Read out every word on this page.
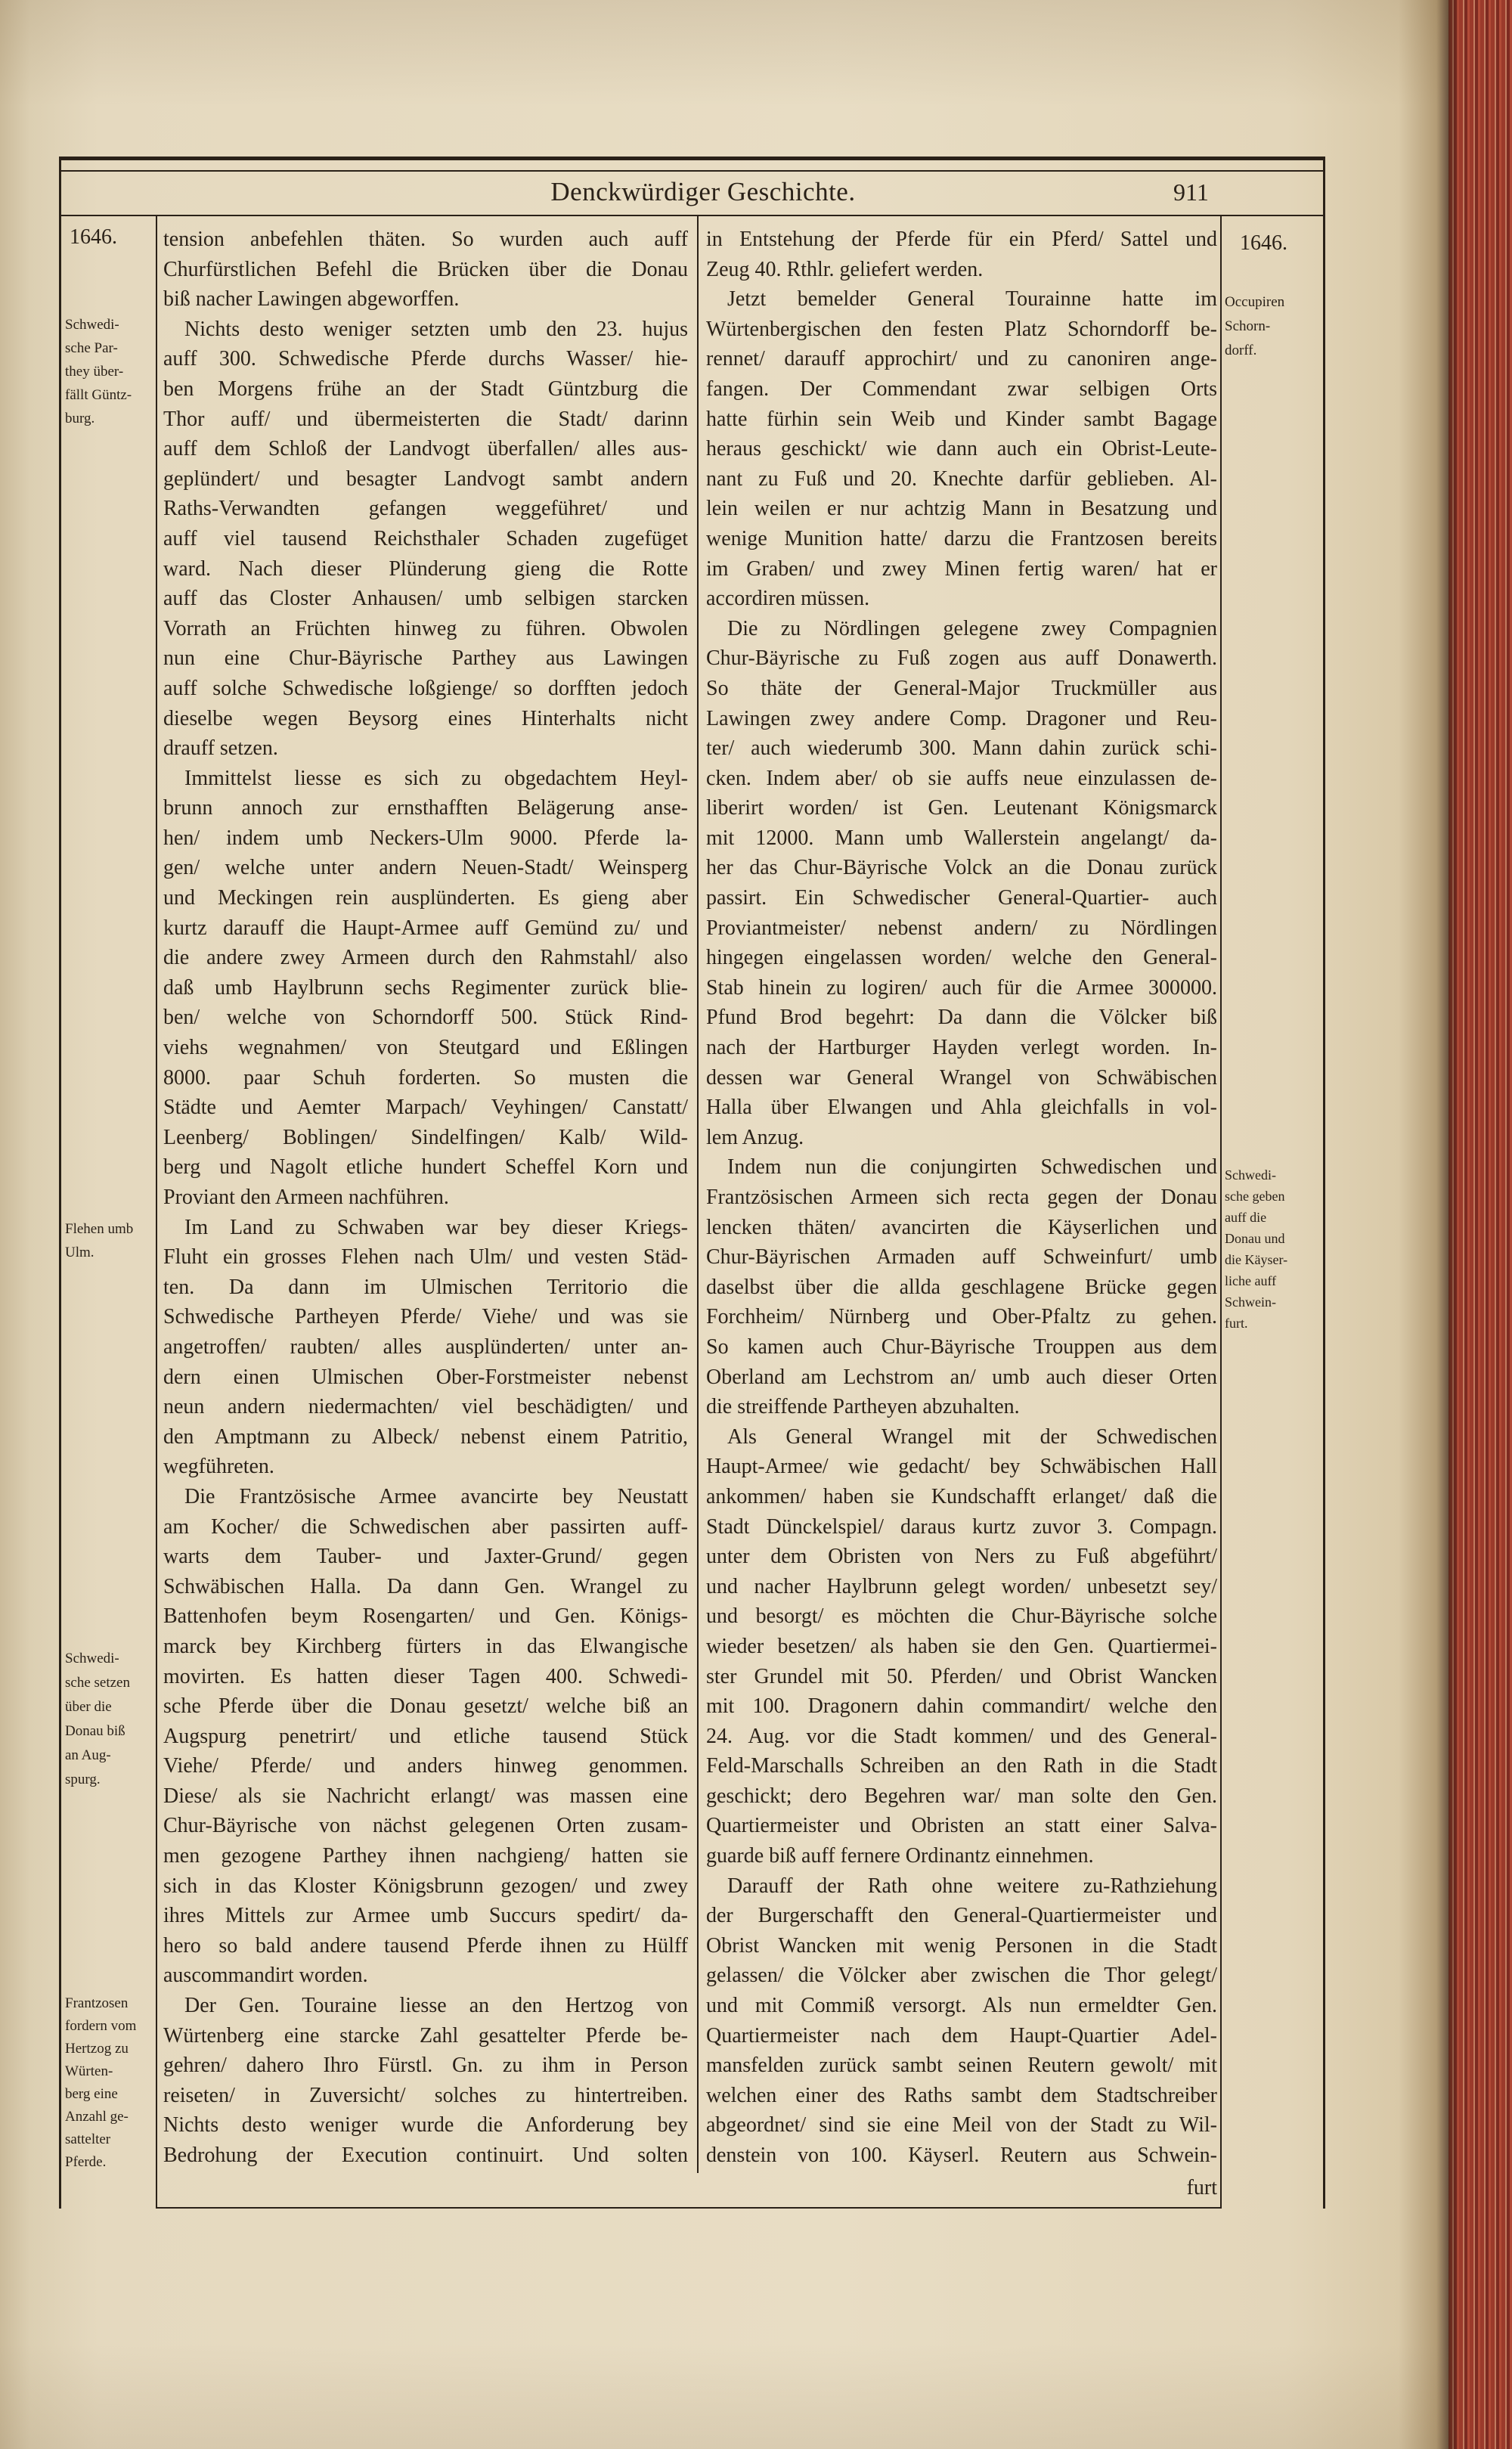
Denckwürdiger Geschichte.	911
1646.	1646.
Schwedi-
sche Par-
they über-
fällt Güntz-
burg.
Flehen umb
Ulm.
Schwedi-
sche setzen
über die
Donau biß
an Aug-
spurg.
Frantzosen
fordern vom
Hertzog zu
Würten-
berg eine
Anzahl ge-
sattelter
Pferde.
Occupiren
Schorn-
dorff.
Schwedi-
sche geben
auff die
Donau und
die Käyser-
liche auff
Schwein-
furt.
tension anbefehlen thäten. So wurden auch auff
Churfürstlichen Befehl die Brücken über die Donau
biß nacher Lawingen abgeworffen.
Nichts desto weniger setzten umb den 23. hujus
auff 300. Schwedische Pferde durchs Wasser/ hie-
ben Morgens frühe an der Stadt Güntzburg die
Thor auff/ und übermeisterten die Stadt/ darinn
auff dem Schloß der Landvogt überfallen/ alles aus-
geplündert/ und besagter Landvogt sambt andern
Raths-Verwandten gefangen weggeführet/ und
auff viel tausend Reichsthaler Schaden zugefüget
ward. Nach dieser Plünderung gieng die Rotte
auff das Closter Anhausen/ umb selbigen starcken
Vorrath an Früchten hinweg zu führen. Obwolen
nun eine Chur-Bäyrische Parthey aus Lawingen
auff solche Schwedische loßgienge/ so dorfften jedoch
dieselbe wegen Beysorg eines Hinterhalts nicht
drauff setzen.
Immittelst liesse es sich zu obgedachtem Heyl-
brunn annoch zur ernsthafften Belägerung anse-
hen/ indem umb Neckers-Ulm 9000. Pferde la-
gen/ welche unter andern Neuen-Stadt/ Weinsperg
und Meckingen rein ausplünderten. Es gieng aber
kurtz darauff die Haupt-Armee auff Gemünd zu/ und
die andere zwey Armeen durch den Rahmstahl/ also
daß umb Haylbrunn sechs Regimenter zurück blie-
ben/ welche von Schorndorff 500. Stück Rind-
viehs wegnahmen/ von Steutgard und Eßlingen
8000. paar Schuh forderten. So musten die
Städte und Aemter Marpach/ Veyhingen/ Canstatt/
Leenberg/ Boblingen/ Sindelfingen/ Kalb/ Wild-
berg und Nagolt etliche hundert Scheffel Korn und
Proviant den Armeen nachführen.
Im Land zu Schwaben war bey dieser Kriegs-
Fluht ein grosses Flehen nach Ulm/ und vesten Städ-
ten. Da dann im Ulmischen Territorio die
Schwedische Partheyen Pferde/ Viehe/ und was sie
angetroffen/ raubten/ alles ausplünderten/ unter an-
dern einen Ulmischen Ober-Forstmeister nebenst
neun andern niedermachten/ viel beschädigten/ und
den Amptmann zu Albeck/ nebenst einem Patritio,
wegführeten.
Die Frantzösische Armee avancirte bey Neustatt
am Kocher/ die Schwedischen aber passirten auff-
warts dem Tauber- und Jaxter-Grund/ gegen
Schwäbischen Halla. Da dann Gen. Wrangel zu
Battenhofen beym Rosengarten/ und Gen. Königs-
marck bey Kirchberg fürters in das Elwangische
movirten. Es hatten dieser Tagen 400. Schwedi-
sche Pferde über die Donau gesetzt/ welche biß an
Augspurg penetrirt/ und etliche tausend Stück
Viehe/ Pferde/ und anders hinweg genommen.
Diese/ als sie Nachricht erlangt/ was massen eine
Chur-Bäyrische von nächst gelegenen Orten zusam-
men gezogene Parthey ihnen nachgieng/ hatten sie
sich in das Kloster Königsbrunn gezogen/ und zwey
ihres Mittels zur Armee umb Succurs spedirt/ da-
hero so bald andere tausend Pferde ihnen zu Hülff
auscommandirt worden.
Der Gen. Touraine liesse an den Hertzog von
Würtenberg eine starcke Zahl gesattelter Pferde be-
gehren/ dahero Ihro Fürstl. Gn. zu ihm in Person
reiseten/ in Zuversicht/ solches zu hintertreiben.
Nichts desto weniger wurde die Anforderung bey
Bedrohung der Execution continuirt. Und solten
in Entstehung der Pferde für ein Pferd/ Sattel und
Zeug 40. Rthlr. geliefert werden.
Jetzt bemelder General Tourainne hatte im
Würtenbergischen den festen Platz Schorndorff be-
rennet/ darauff approchirt/ und zu canoniren ange-
fangen. Der Commendant zwar selbigen Orts
hatte fürhin sein Weib und Kinder sambt Bagage
heraus geschickt/ wie dann auch ein Obrist-Leute-
nant zu Fuß und 20. Knechte darfür geblieben. Al-
lein weilen er nur achtzig Mann in Besatzung und
wenige Munition hatte/ darzu die Frantzosen bereits
im Graben/ und zwey Minen fertig waren/ hat er
accordiren müssen.
Die zu Nördlingen gelegene zwey Compagnien
Chur-Bäyrische zu Fuß zogen aus auff Donawerth.
So thäte der General-Major Truckmüller aus
Lawingen zwey andere Comp. Dragoner und Reu-
ter/ auch wiederumb 300. Mann dahin zurück schi-
cken. Indem aber/ ob sie auffs neue einzulassen de-
liberirt worden/ ist Gen. Leutenant Königsmarck
mit 12000. Mann umb Wallerstein angelangt/ da-
her das Chur-Bäyrische Volck an die Donau zurück
passirt. Ein Schwedischer General-Quartier- auch
Proviantmeister/ nebenst andern/ zu Nördlingen
hingegen eingelassen worden/ welche den General-
Stab hinein zu logiren/ auch für die Armee 300000.
Pfund Brod begehrt: Da dann die Völcker biß
nach der Hartburger Hayden verlegt worden. In-
dessen war General Wrangel von Schwäbischen
Halla über Elwangen und Ahla gleichfalls in vol-
lem Anzug.
Indem nun die conjungirten Schwedischen und
Frantzösischen Armeen sich recta gegen der Donau
lencken thäten/ avancirten die Käyserlichen und
Chur-Bäyrischen Armaden auff Schweinfurt/ umb
daselbst über die allda geschlagene Brücke gegen
Forchheim/ Nürnberg und Ober-Pfaltz zu gehen.
So kamen auch Chur-Bäyrische Trouppen aus dem
Oberland am Lechstrom an/ umb auch dieser Orten
die streiffende Partheyen abzuhalten.
Als General Wrangel mit der Schwedischen
Haupt-Armee/ wie gedacht/ bey Schwäbischen Hall
ankommen/ haben sie Kundschafft erlanget/ daß die
Stadt Dünckelspiel/ daraus kurtz zuvor 3. Compagn.
unter dem Obristen von Ners zu Fuß abgeführt/
und nacher Haylbrunn gelegt worden/ unbesetzt sey/
und besorgt/ es möchten die Chur-Bäyrische solche
wieder besetzen/ als haben sie den Gen. Quartiermei-
ster Grundel mit 50. Pferden/ und Obrist Wancken
mit 100. Dragonern dahin commandirt/ welche den
24. Aug. vor die Stadt kommen/ und des General-
Feld-Marschalls Schreiben an den Rath in die Stadt
geschickt; dero Begehren war/ man solte den Gen.
Quartiermeister und Obristen an statt einer Salva-
guarde biß auff fernere Ordinantz einnehmen.
Darauff der Rath ohne weitere zu-Rathziehung
der Burgerschafft den General-Quartiermeister und
Obrist Wancken mit wenig Personen in die Stadt
gelassen/ die Völcker aber zwischen die Thor gelegt/
und mit Commiß versorgt. Als nun ermeldter Gen.
Quartiermeister nach dem Haupt-Quartier Adel-
mansfelden zurück sambt seinen Reutern gewolt/ mit
welchen einer des Raths sambt dem Stadtschreiber
abgeordnet/ sind sie eine Meil von der Stadt zu Wil-
denstein von 100. Käyserl. Reutern aus Schwein-
furt
